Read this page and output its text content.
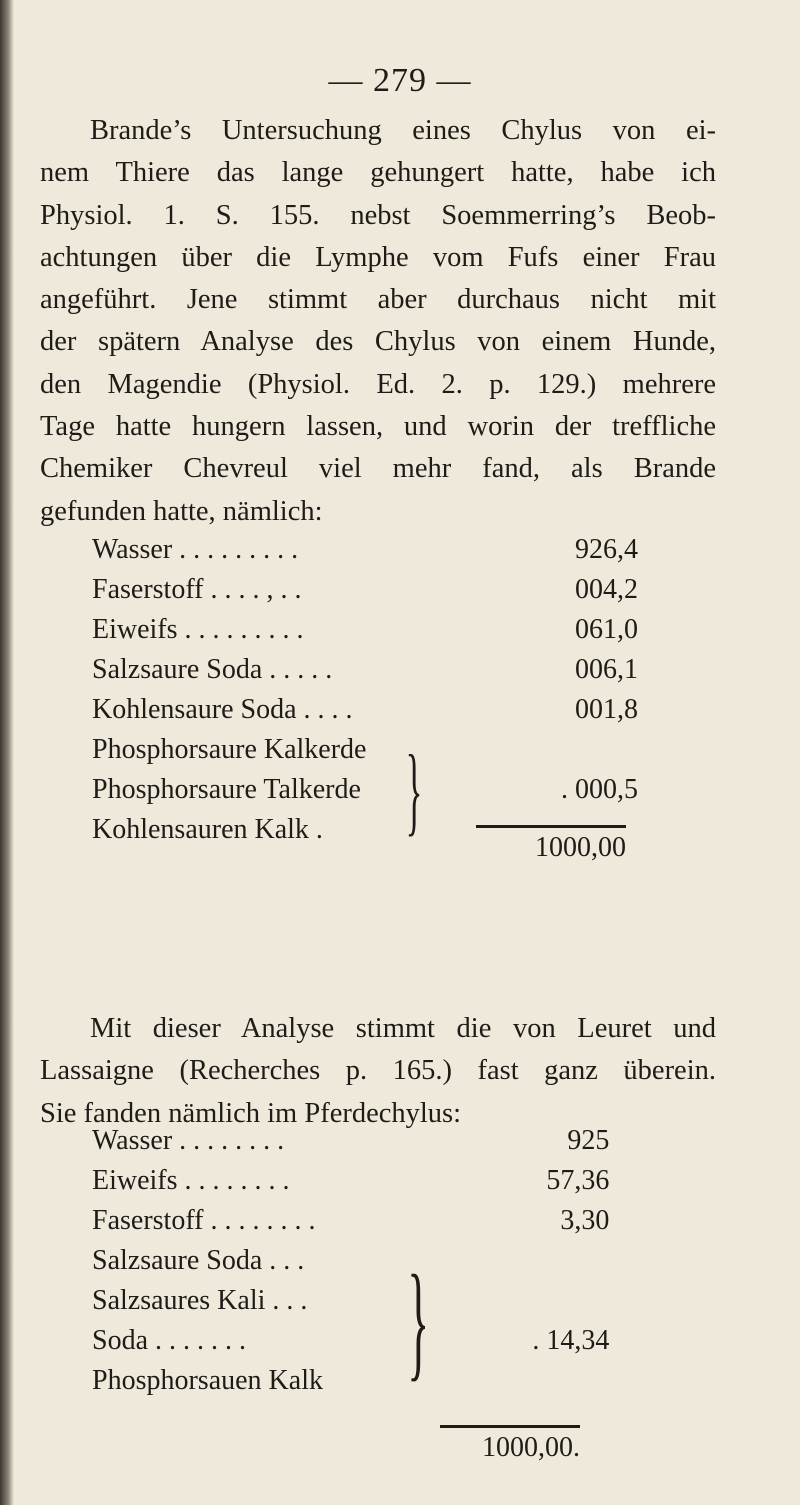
— 279 —
Brande’s Untersuchung eines Chylus von ei-
nem Thiere das lange gehungert hatte, habe ich
Physiol. 1. S. 155. nebst Soemmerring’s Beob-
achtungen über die Lymphe vom Fufs einer Frau
angeführt. Jene stimmt aber durchaus nicht mit
der spätern Analyse des Chylus von einem Hunde,
den Magendie (Physiol. Ed. 2. p. 129.) mehrere
Tage hatte hungern lassen, und worin der treffliche
Chemiker Chevreul viel mehr fand, als Brande
gefunden hatte, nämlich:
Wasser . . . . . . . . .		926,4
Faserstoff . . . . , . .		004,2
Eiweifs . . . . . . . . .		061,0
Salzsaure Soda . . . . .		006,1
Kohlensaure Soda . . . .		001,8
Phosphorsaure Kalkerde	}	
Phosphorsaure Talkerde		. 000,5
Kohlensauren Kalk .		
1000,00
Mit dieser Analyse stimmt die von Leuret und
Lassaigne (Recherches p. 165.) fast ganz überein.
Sie fanden nämlich im Pferdechylus:
Wasser . . . . . . . .		925
Eiweifs . . . . . . . .		57,36
Faserstoff . . . . . . . .		3,30
Salzsaure Soda . . .	}	
Salzsaures Kali . . .		
Soda . . . . . . .		. 14,34
Phosphorsauen Kalk		
1000,00.
